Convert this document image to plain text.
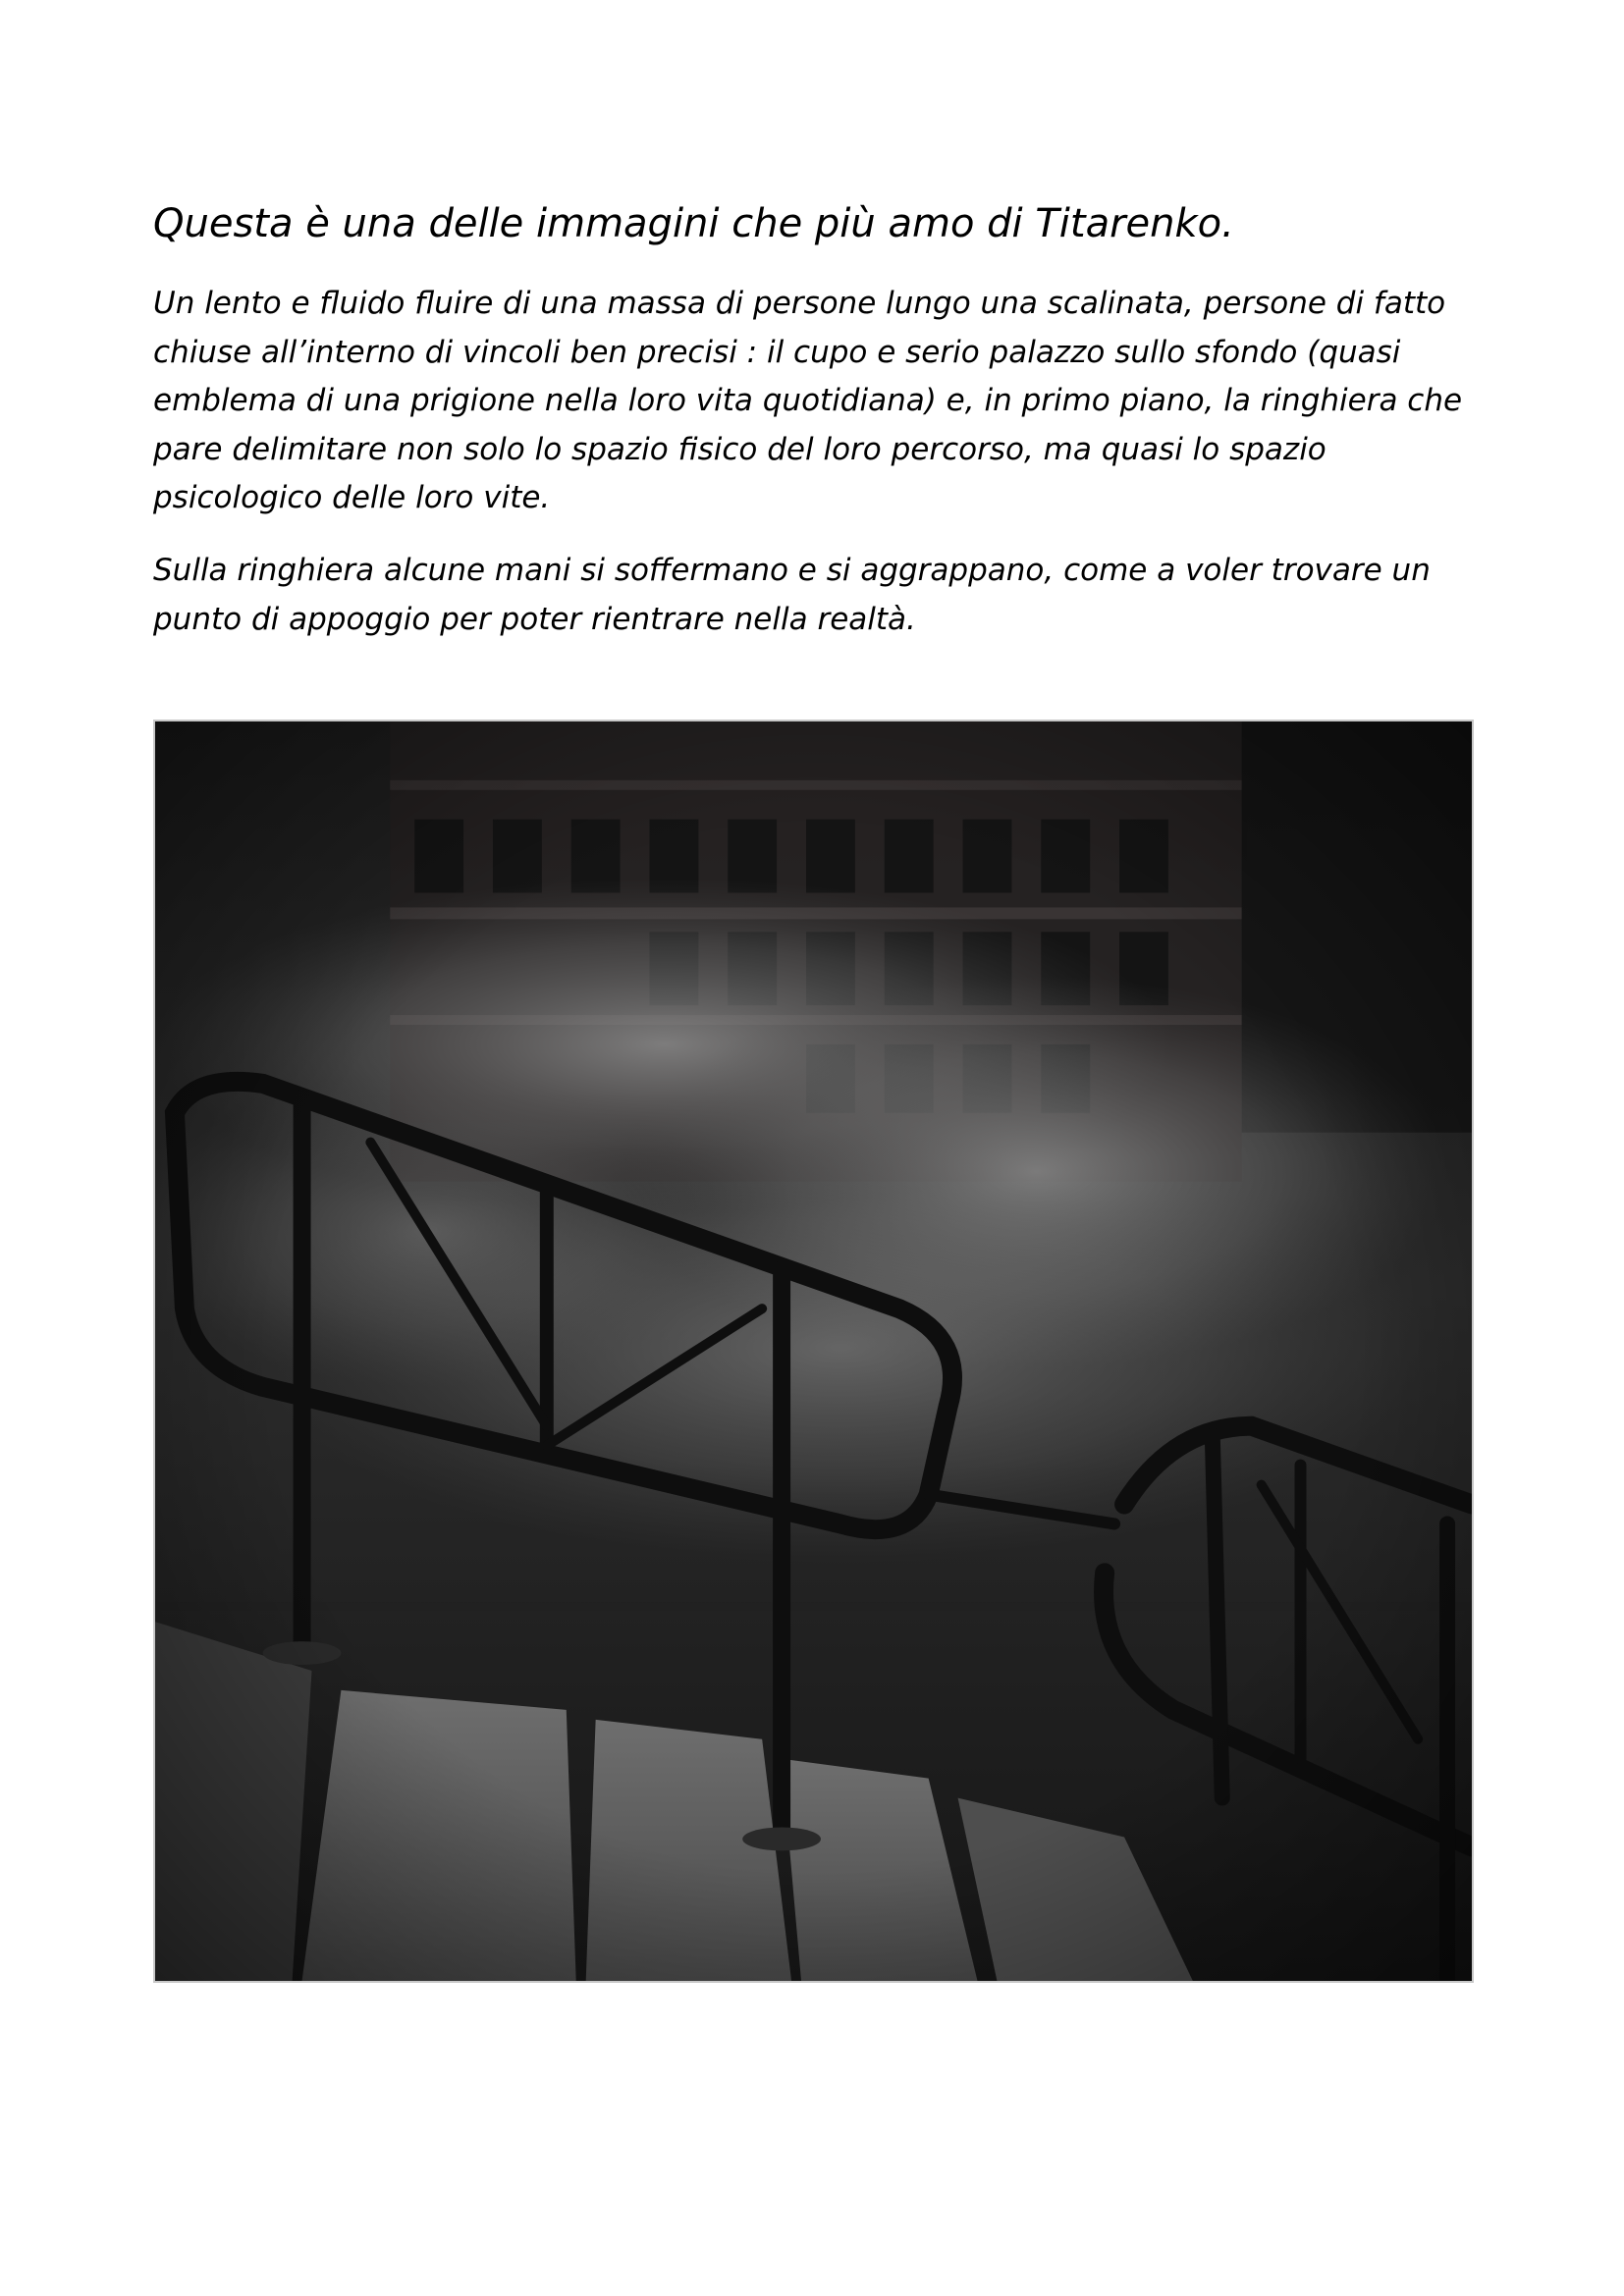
Questa è una delle immagini che più amo di Titarenko.

Un lento e fluido fluire di una massa di persone lungo una scalinata, persone di fatto chiuse all’interno di vincoli ben precisi : il cupo e serio palazzo sullo sfondo (quasi emblema di una prigione nella loro vita quotidiana) e, in primo piano, la ringhiera che pare delimitare non solo lo spazio fisico del loro percorso, ma quasi lo spazio psicologico delle loro vite.

Sulla ringhiera alcune mani si soffermano e si aggrappano, come a voler trovare un punto di appoggio per poter rientrare nella realtà.
